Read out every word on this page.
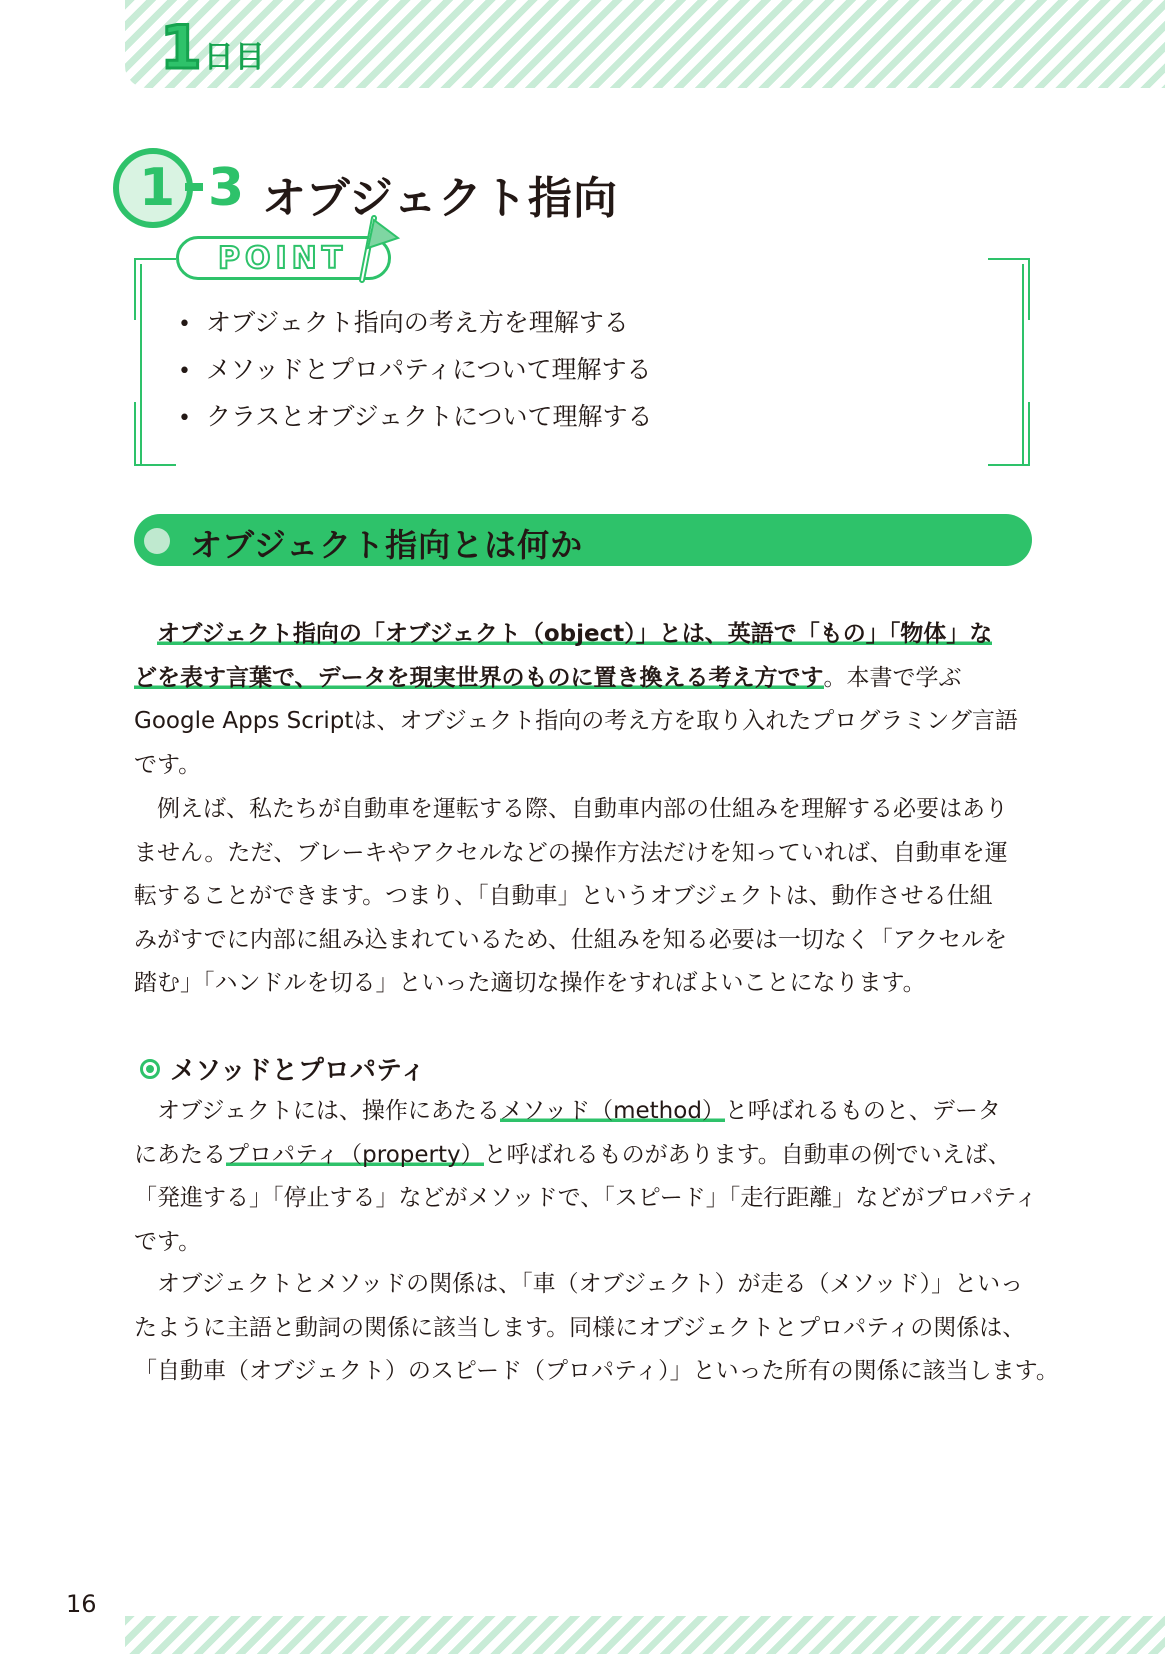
1 日目
1 3 オブジェクト指向
POINT
• オブジェクト指向の考え方を理解する
• メソッドとプロパティについて理解する
• クラスとオブジェクトについて理解する
オブジェクト指向とは何か

オブジェクト指向の「オブジェクト（object）」とは、英語で「もの」「物体」な
どを表す言葉で、データを現実世界のものに置き換える考え方です。本書で学ぶ
Google Apps Scriptは、オブジェクト指向の考え方を取り入れたプログラミング言語
です。

例えば、私たちが自動車を運転する際、自動車内部の仕組みを理解する必要はあり
ません。ただ、ブレーキやアクセルなどの操作方法だけを知っていれば、自動車を運
転することができます。つまり、「自動車」というオブジェクトは、動作させる仕組
みがすでに内部に組み込まれているため、仕組みを知る必要は一切なく「アクセルを
踏む」「ハンドルを切る」といった適切な操作をすればよいことになります。

メソッドとプロパティ

オブジェクトには、操作にあたるメソッド（method）と呼ばれるものと、データ
にあたるプロパティ（property）と呼ばれるものがあります。自動車の例でいえば、
「発進する」「停止する」などがメソッドで、「スピード」「走行距離」などがプロパティ
です。

オブジェクトとメソッドの関係は、「車（オブジェクト）が走る（メソッド）」といっ
たように主語と動詞の関係に該当します。同様にオブジェクトとプロパティの関係は、
「自動車（オブジェクト）のスピード（プロパティ）」といった所有の関係に該当します。

16
